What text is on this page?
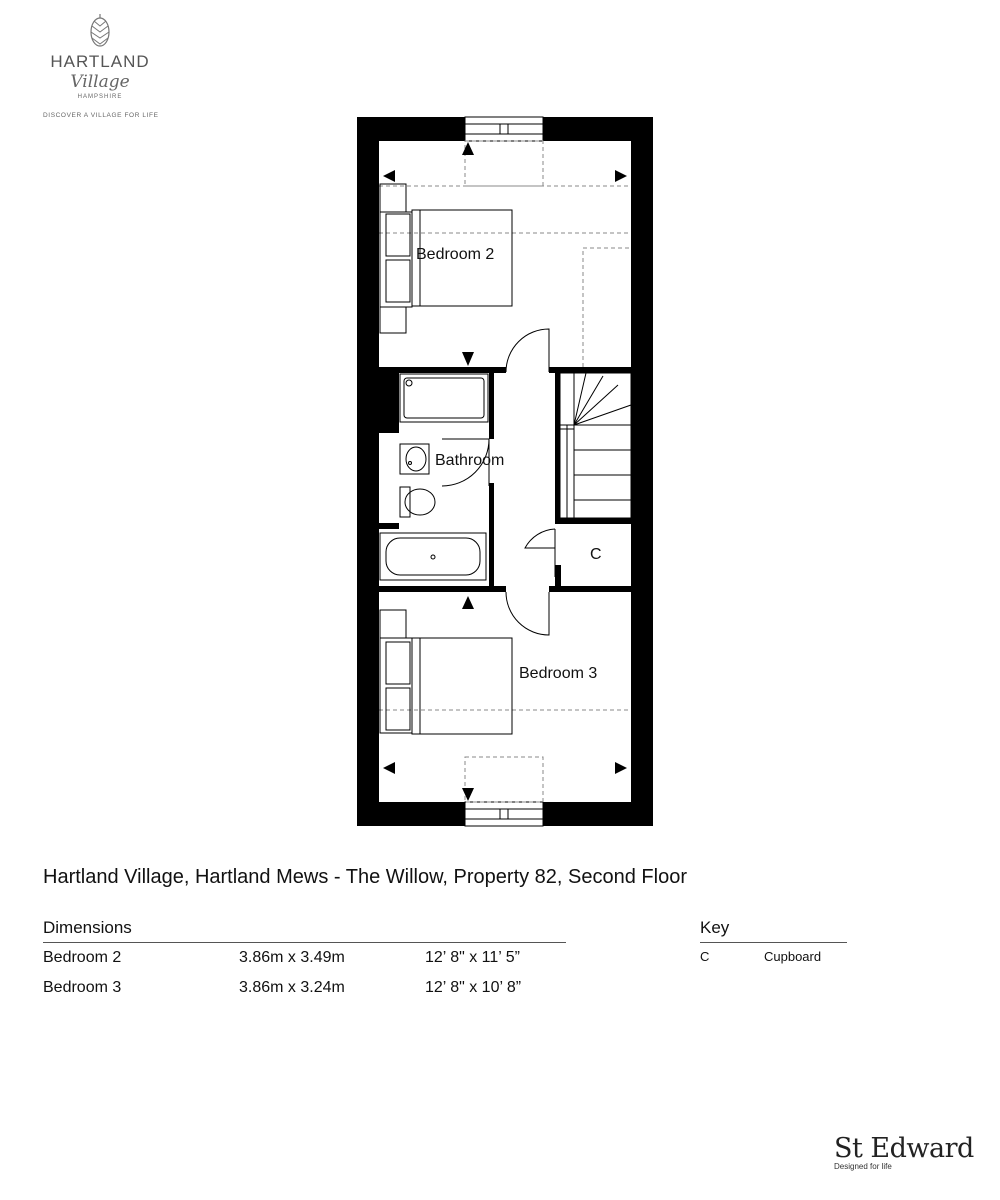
HARTLAND
Village
HAMPSHIRE
DISCOVER A VILLAGE FOR LIFE
Bedroom 2
Bathroom
C
Bedroom 3
Hartland Village, Hartland Mews - The Willow, Property 82, Second Floor
Dimensions
Bedroom 2	3.86m x 3.49m	12’ 8" x 11’ 5”
Bedroom 3	3.86m x 3.24m	12’ 8" x 10’ 8”
Key
C	Cupboard
St Edward
Designed for life
